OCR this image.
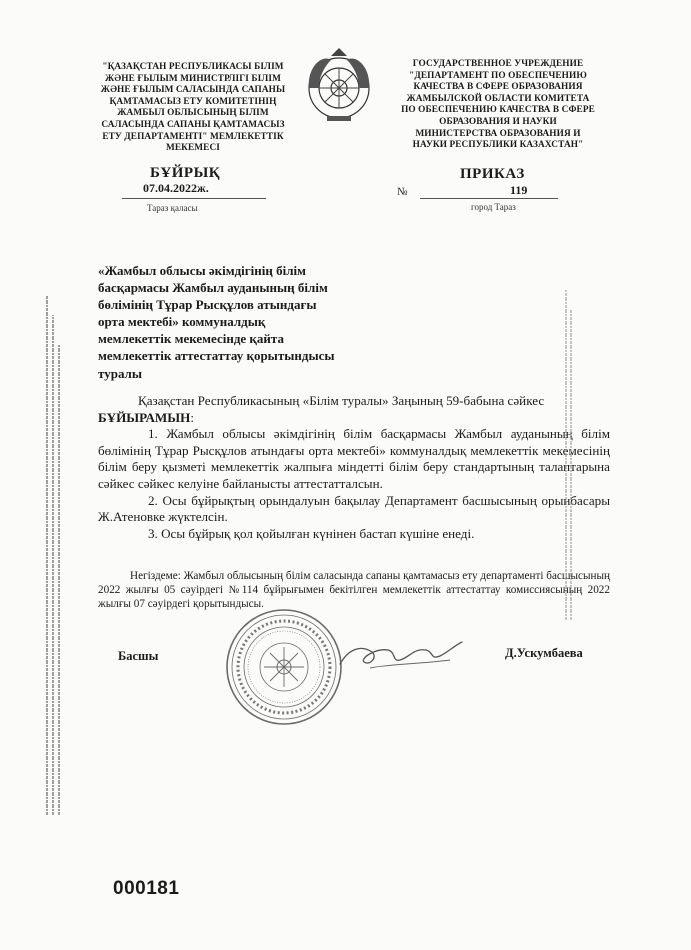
"ҚАЗАҚСТАН РЕСПУБЛИКАСЫ БІЛІМ
ЖӘНЕ ҒЫЛЫМ МИНИСТРЛІГІ БІЛІМ
ЖӘНЕ ҒЫЛЫМ САЛАСЫНДА САПАНЫ
ҚАМТАМАСЫЗ ЕТУ КОМИТЕТІНІҢ
ЖАМБЫЛ ОБЛЫСЫНЫҢ БІЛІМ
САЛАСЫНДА САПАНЫ ҚАМТАМАСЫЗ
ЕТУ ДЕПАРТАМЕНТІ" МЕМЛЕКЕТТІК
МЕКЕМЕСІ
ГОСУДАРСТВЕННОЕ УЧРЕЖДЕНИЕ
"ДЕПАРТАМЕНТ ПО ОБЕСПЕЧЕНИЮ
КАЧЕСТВА В СФЕРЕ ОБРАЗОВАНИЯ
ЖАМБЫЛСКОЙ ОБЛАСТИ КОМИТЕТА
ПО ОБЕСПЕЧЕНИЮ КАЧЕСТВА В СФЕРЕ
ОБРАЗОВАНИЯ И НАУКИ
МИНИСТЕРСТВА ОБРАЗОВАНИЯ И
НАУКИ РЕСПУБЛИКИ КАЗАХСТАН"
БҰЙРЫҚ	ПРИКАЗ
07.04.2022ж.	№	119
Тараз қаласы	город Тараз
«Жамбыл облысы әкімдігінің білім
басқармасы Жамбыл ауданының білім
бөлімінің Тұрар Рысқұлов атындағы
орта мектебі» коммуналдық
мемлекеттік мекемесінде қайта
мемлекеттік аттестаттау қорытындысы
туралы

Қазақстан Республикасының «Білім туралы» Заңының 59-бабына сәйкес

БҰЙЫРАМЫН:

1. Жамбыл облысы әкімдігінің білім басқармасы Жамбыл ауданының білім бөлімінің Тұрар Рысқұлов атындағы орта мектебі» коммуналдық мемлекеттік мекемесінің білім беру қызметі мемлекеттік жалпыға міндетті білім беру стандартының талаптарына сәйкес сәйкес келуіне байланысты аттестатталсын.

2. Осы бұйрықтың орындалуын бақылау Департамент басшысының орынбасары Ж.Атеновке жүктелсін.

3. Осы бұйрық қол қойылған күнінен бастап күшіне енеді.

Негіздеме: Жамбыл облысының білім саласында сапаны қамтамасыз ету департаменті басшысының 2022 жылғы 05 сәуірдегі №114 бұйрығымен бекітілген мемлекеттік аттестаттау комиссиясының 2022 жылғы 07 сәуірдегі қорытындысы.

Басшы	Д.Ускумбаева
000181
